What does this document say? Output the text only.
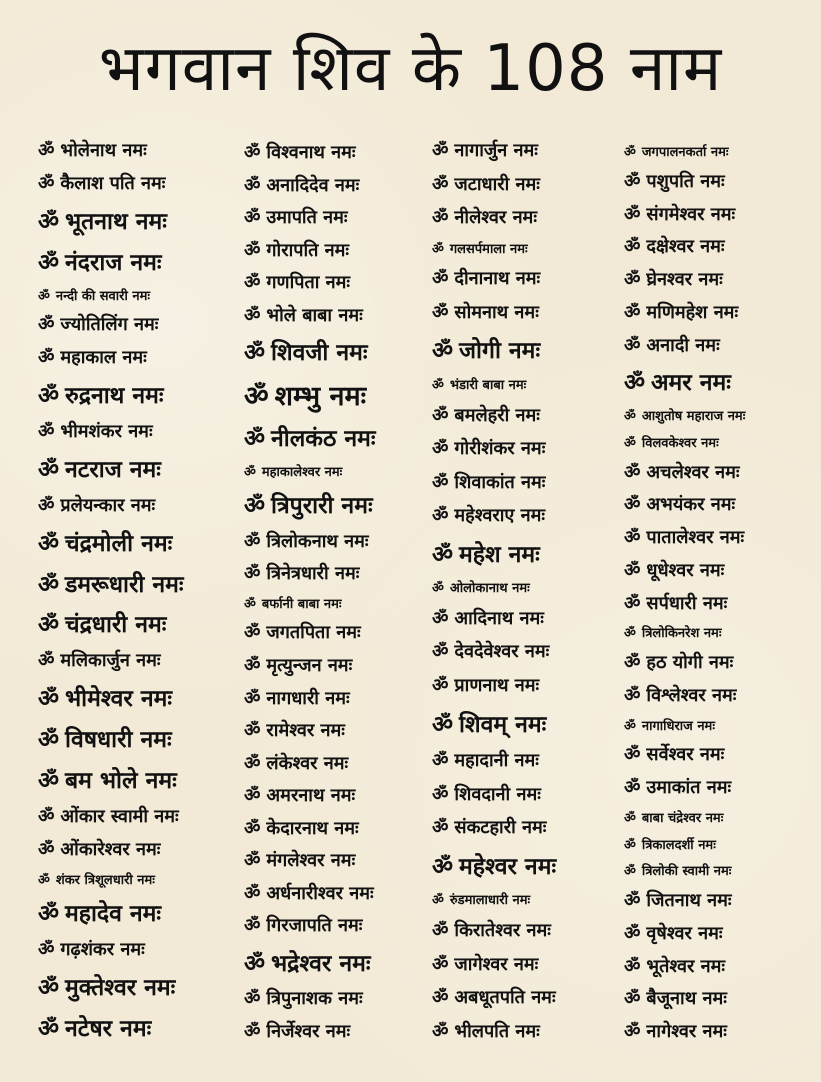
भगवान शिव के 108 नाम
ॐ भोलेनाथ नमः
ॐ कैलाश पति नमः
ॐ भूतनाथ नमः
ॐ नंदराज नमः
ॐ नन्दी की सवारी नमः
ॐ ज्योतिलिंग नमः
ॐ महाकाल नमः
ॐ रुद्रनाथ नमः
ॐ भीमशंकर नमः
ॐ नटराज नमः
ॐ प्रलेयन्कार नमः
ॐ चंद्रमोली नमः
ॐ डमरूधारी नमः
ॐ चंद्रधारी नमः
ॐ मलिकार्जुन नमः
ॐ भीमेश्वर नमः
ॐ विषधारी नमः
ॐ बम भोले नमः
ॐ ओंकार स्वामी नमः
ॐ ओंकारेश्वर नमः
ॐ शंकर त्रिशूलधारी नमः
ॐ महादेव नमः
ॐ गढ़शंकर नमः
ॐ मुक्तेश्वर नमः
ॐ नटेषर नमः
ॐ विश्वनाथ नमः
ॐ अनादिदेव नमः
ॐ उमापति नमः
ॐ गोरापति नमः
ॐ गणपिता नमः
ॐ भोले बाबा नमः
ॐ शिवजी नमः
ॐ शम्भु नमः
ॐ नीलकंठ नमः
ॐ महाकालेश्वर नमः
ॐ त्रिपुरारी नमः
ॐ त्रिलोकनाथ नमः
ॐ त्रिनेत्रधारी नमः
ॐ बर्फानी बाबा नमः
ॐ जगतपिता नमः
ॐ मृत्युन्जन नमः
ॐ नागधारी नमः
ॐ रामेश्वर नमः
ॐ लंकेश्वर नमः
ॐ अमरनाथ नमः
ॐ केदारनाथ नमः
ॐ मंगलेश्वर नमः
ॐ अर्धनारीश्वर नमः
ॐ गिरजापति नमः
ॐ भद्रेश्वर नमः
ॐ त्रिपुनाशक नमः
ॐ निर्जेश्वर नमः
ॐ नागार्जुन नमः
ॐ जटाधारी नमः
ॐ नीलेश्वर नमः
ॐ गलसर्पमाला नमः
ॐ दीनानाथ नमः
ॐ सोमनाथ नमः
ॐ जोगी नमः
ॐ भंडारी बाबा नमः
ॐ बमलेहरी नमः
ॐ गोरीशंकर नमः
ॐ शिवाकांत नमः
ॐ महेश्वराए नमः
ॐ महेश नमः
ॐ ओलोकानाथ नमः
ॐ आदिनाथ नमः
ॐ देवदेवेश्वर नमः
ॐ प्राणनाथ नमः
ॐ शिवम् नमः
ॐ महादानी नमः
ॐ शिवदानी नमः
ॐ संकटहारी नमः
ॐ महेश्वर नमः
ॐ रुंडमालाधारी नमः
ॐ किरातेश्वर नमः
ॐ जागेश्वर नमः
ॐ अबधूतपति नमः
ॐ भीलपति नमः
ॐ जगपालनकर्ता नमः
ॐ पशुपति नमः
ॐ संगमेश्वर नमः
ॐ दक्षेश्वर नमः
ॐ घ्रेनश्वर नमः
ॐ मणिमहेश नमः
ॐ अनादी नमः
ॐ अमर नमः
ॐ आशुतोष महाराज नमः
ॐ विलवकेश्वर नमः
ॐ अचलेश्वर नमः
ॐ अभयंकर नमः
ॐ पातालेश्वर नमः
ॐ धूधेश्वर नमः
ॐ सर्पधारी नमः
ॐ त्रिलोकिनरेश नमः
ॐ हठ योगी नमः
ॐ विश्लेश्वर नमः
ॐ नागाधिराज नमः
ॐ सर्वेश्वर नमः
ॐ उमाकांत नमः
ॐ बाबा चंद्रेश्वर नमः
ॐ त्रिकालदर्शी नमः
ॐ त्रिलोकी स्वामी नमः
ॐ जितनाथ नमः
ॐ वृषेश्वर नमः
ॐ भूतेश्वर नमः
ॐ बैजूनाथ नमः
ॐ नागेश्वर नमः
